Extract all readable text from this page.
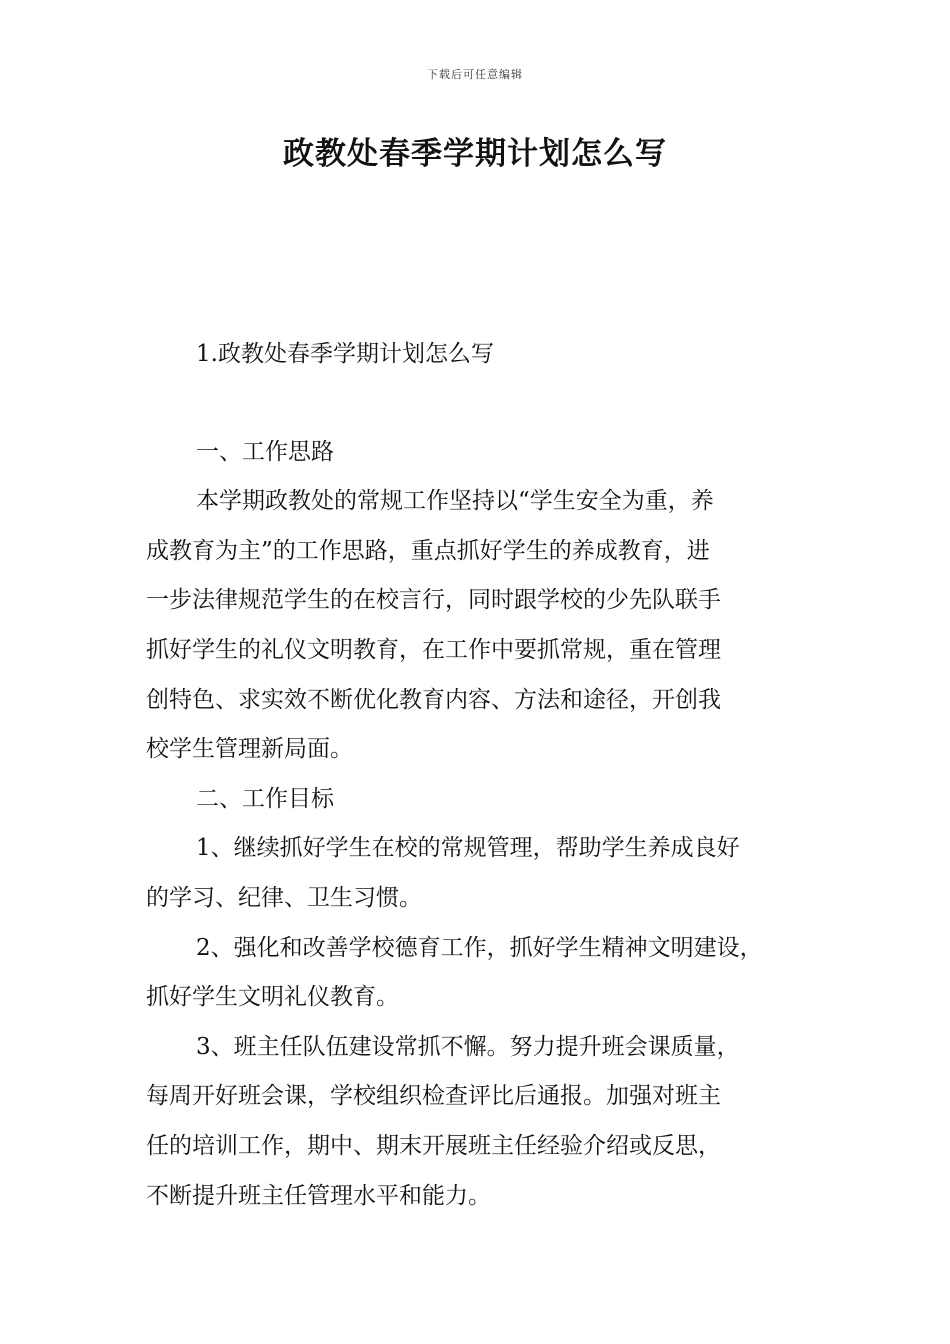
下载后可任意编辑
政教处春季学期计划怎么写
1.政教处春季学期计划怎么写
一、工作思路
本学期政教处的常规工作坚持以“学生安全为重，养
成教育为主”的工作思路，重点抓好学生的养成教育，进
一步法律规范学生的在校言行，同时跟学校的少先队联手
抓好学生的礼仪文明教育，在工作中要抓常规，重在管理
创特色、求实效不断优化教育内容、方法和途径，开创我
校学生管理新局面。
二、工作目标
1、继续抓好学生在校的常规管理，帮助学生养成良好
的学习、纪律、卫生习惯。
2、强化和改善学校德育工作，抓好学生精神文明建设，
抓好学生文明礼仪教育。
3、班主任队伍建设常抓不懈。努力提升班会课质量，
每周开好班会课，学校组织检查评比后通报。加强对班主
任的培训工作，期中、期末开展班主任经验介绍或反思，
不断提升班主任管理水平和能力。
